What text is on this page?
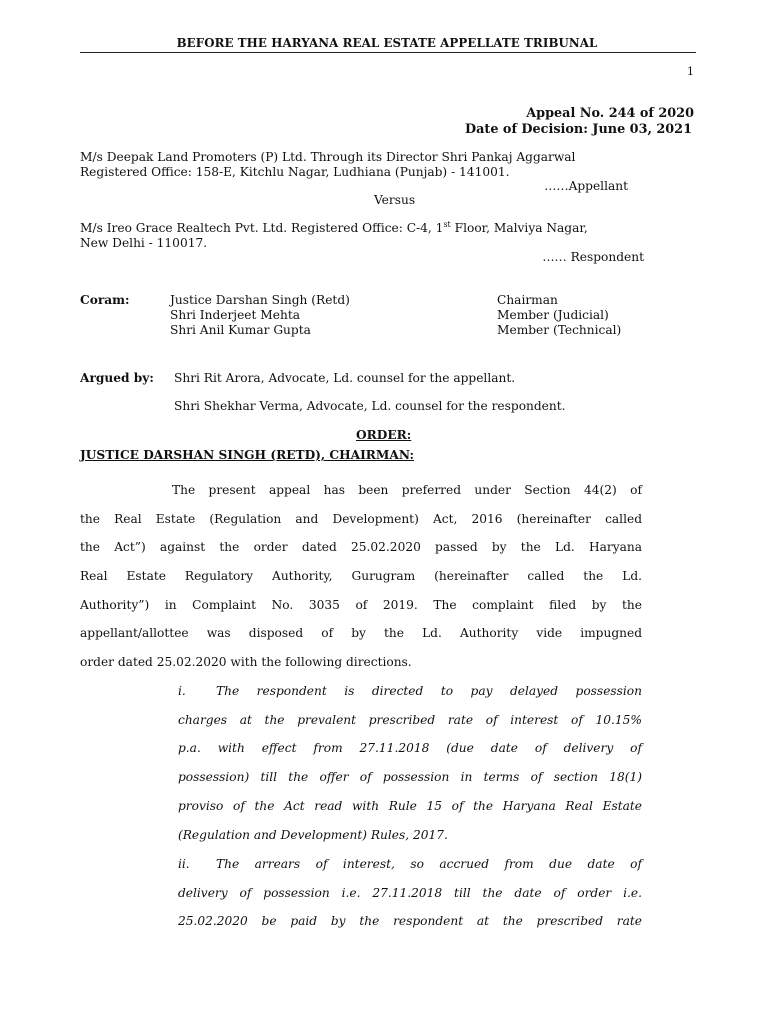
BEFORE THE HARYANA REAL ESTATE APPELLATE TRIBUNAL
1
Appeal No. 244 of 2020
Date of Decision: June 03, 2021
M/s Deepak Land Promoters (P) Ltd. Through its Director Shri Pankaj Aggarwal
Registered Office: 158-E, Kitchlu Nagar, Ludhiana (Punjab) - 141001.
……Appellant
Versus
M/s Ireo Grace Realtech Pvt. Ltd. Registered Office: C-4, 1st Floor, Malviya Nagar,
New Delhi - 110017.
…… Respondent
Coram:	Justice Darshan Singh (Retd)	Chairman
Shri Inderjeet Mehta	Member (Judicial)
Shri Anil Kumar Gupta	Member (Technical)
Argued by: Shri Rit Arora, Advocate, Ld. counsel for the appellant.
Shri Shekhar Verma, Advocate, Ld. counsel for the respondent.
ORDER:
JUSTICE DARSHAN SINGH (RETD), CHAIRMAN:
The present appeal has been preferred under Section 44(2) of
the Real Estate (Regulation and Development) Act, 2016 (hereinafter called
the Act”) against the order dated 25.02.2020 passed by the Ld. Haryana
Real Estate Regulatory Authority, Gurugram (hereinafter called the Ld.
Authority”) in Complaint No. 3035 of 2019. The complaint filed by the
appellant/allottee was disposed of by the Ld. Authority vide impugned
order dated 25.02.2020 with the following directions.
i. The respondent is directed to pay delayed possession
charges at the prevalent prescribed rate of interest of 10.15%
p.a. with effect from 27.11.2018 (due date of delivery of
possession) till the offer of possession in terms of section 18(1)
proviso of the Act read with Rule 15 of the Haryana Real Estate
(Regulation and Development) Rules, 2017.
ii. The arrears of interest, so accrued from due date of
delivery of possession i.e. 27.11.2018 till the date of order i.e.
25.02.2020 be paid by the respondent at the prescribed rate
